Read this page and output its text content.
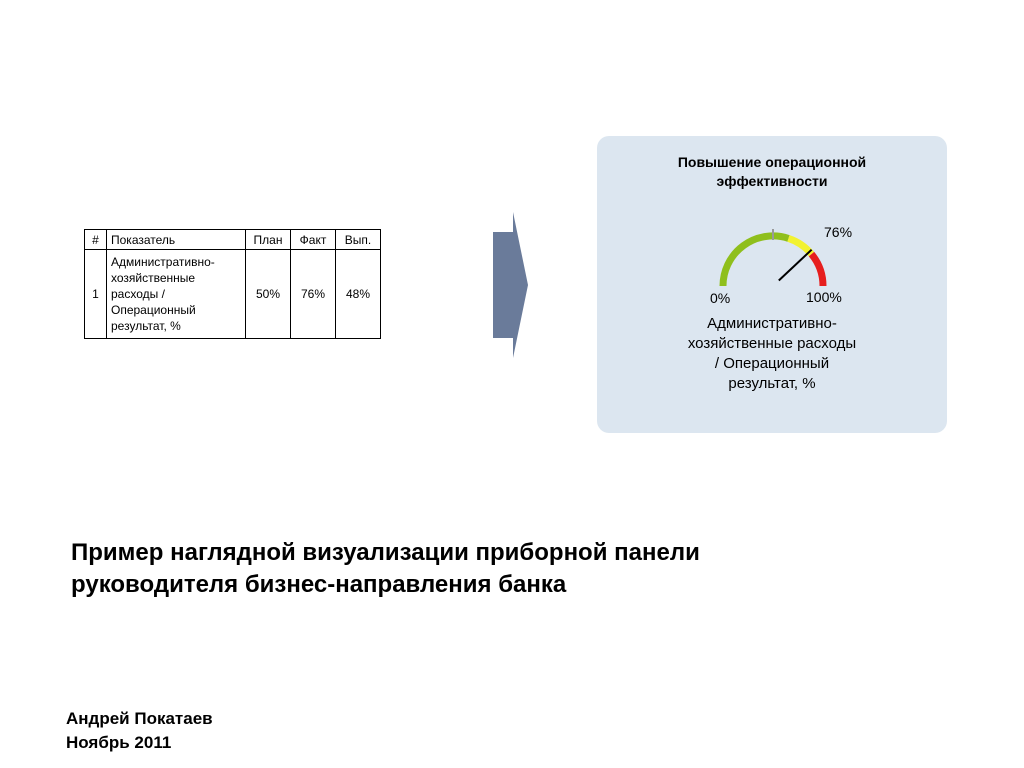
#	Показатель	План	Факт	Вып.
1	Административно-
хозяйственные
расходы /
Операционный
результат, %	50%	76%	48%
Повышение операционной
эффективности
76%
0%	100%
Административно-
хозяйственные расходы
/ Операционный
результат, %
Пример наглядной визуализации приборной панели
руководителя бизнес-направления банка
Андрей Покатаев
Ноябрь 2011
